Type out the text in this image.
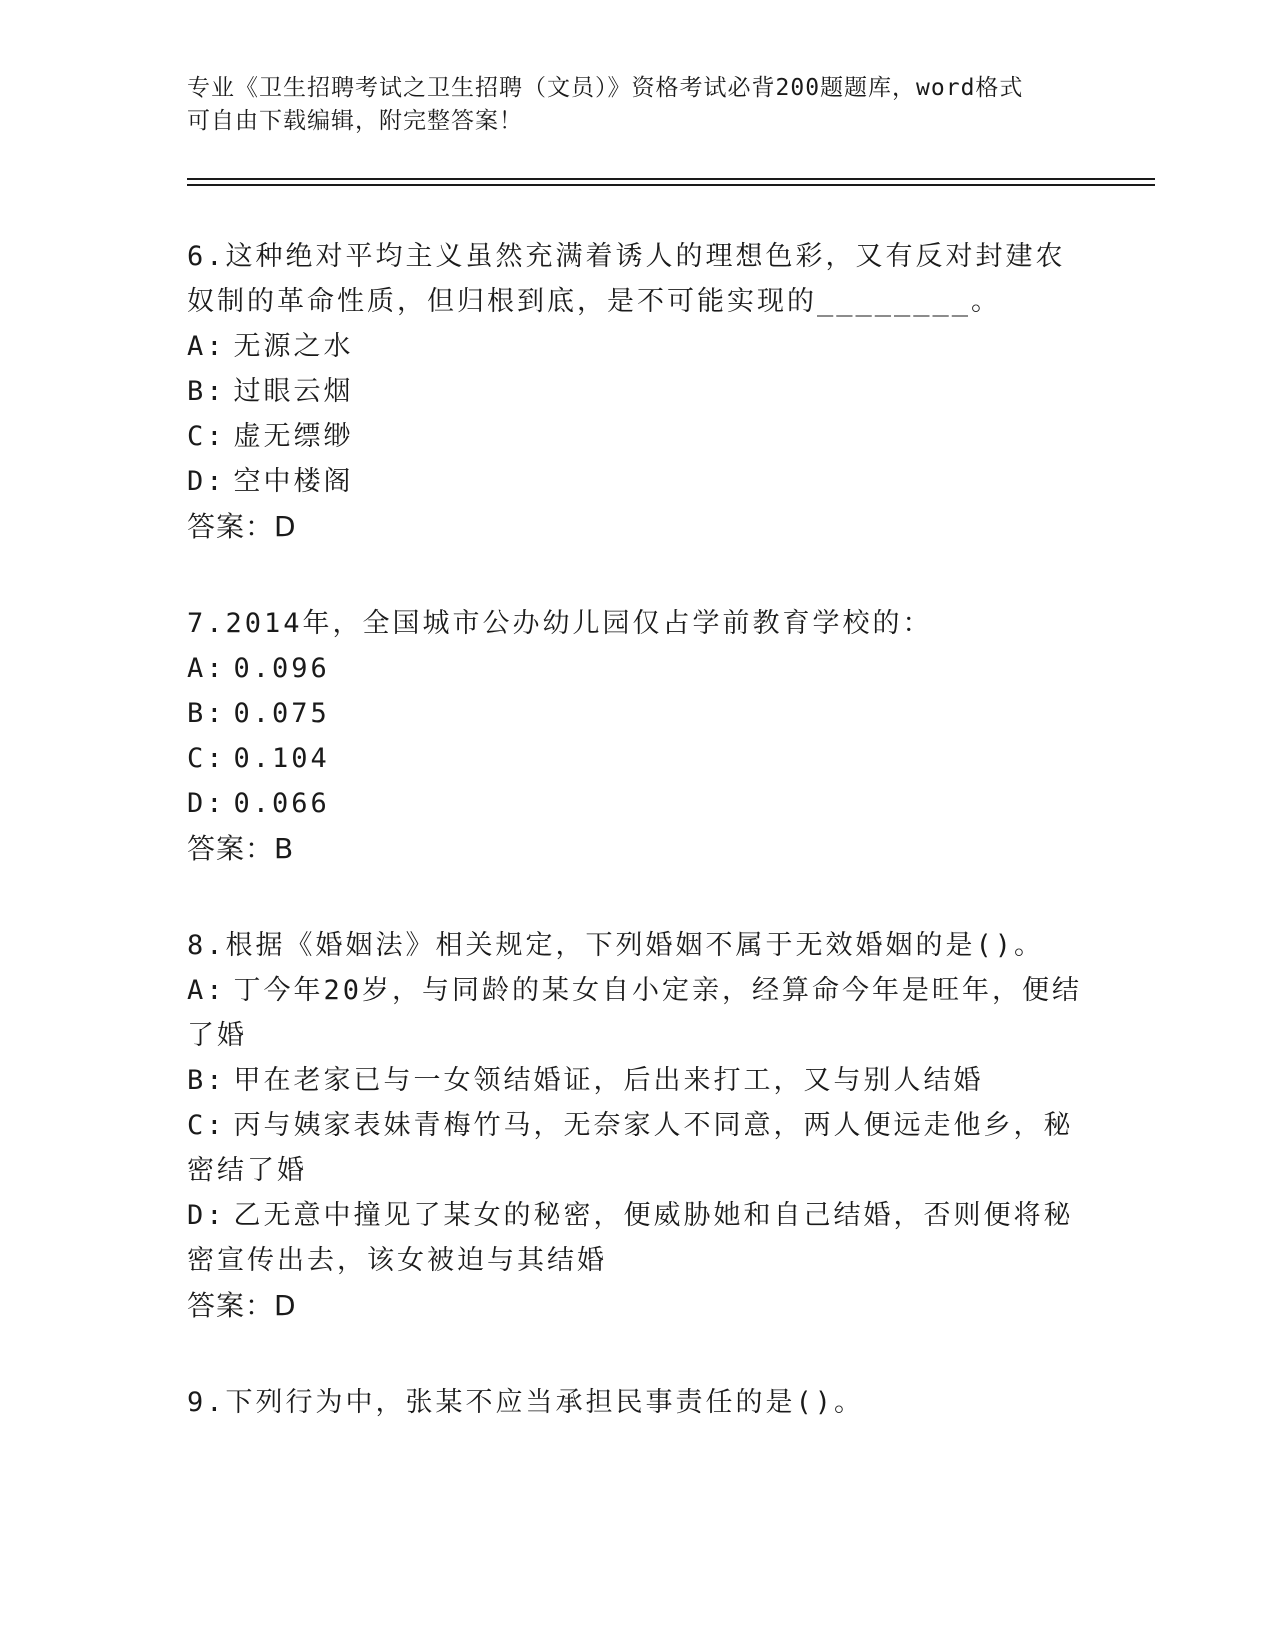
专业《卫生招聘考试之卫生招聘（文员）》资格考试必背200题题库，word格式
可自由下载编辑，附完整答案！
6.这种绝对平均主义虽然充满着诱人的理想色彩，又有反对封建农奴制的革命性质，但归根到底，是不可能实现的________。
A: 无源之水
B: 过眼云烟
C: 虚无缥缈
D: 空中楼阁
答案：D
7.2014年，全国城市公办幼儿园仅占学前教育学校的：
A: 0.096
B: 0.075
C: 0.104
D: 0.066
答案：B
8.根据《婚姻法》相关规定，下列婚姻不属于无效婚姻的是()。
A: 丁今年20岁，与同龄的某女自小定亲，经算命今年是旺年，便结了婚
B: 甲在老家已与一女领结婚证，后出来打工，又与别人结婚
C: 丙与姨家表妹青梅竹马，无奈家人不同意，两人便远走他乡，秘密结了婚
D: 乙无意中撞见了某女的秘密，便威胁她和自己结婚，否则便将秘密宣传出去，该女被迫与其结婚
答案：D
9.下列行为中，张某不应当承担民事责任的是()。
